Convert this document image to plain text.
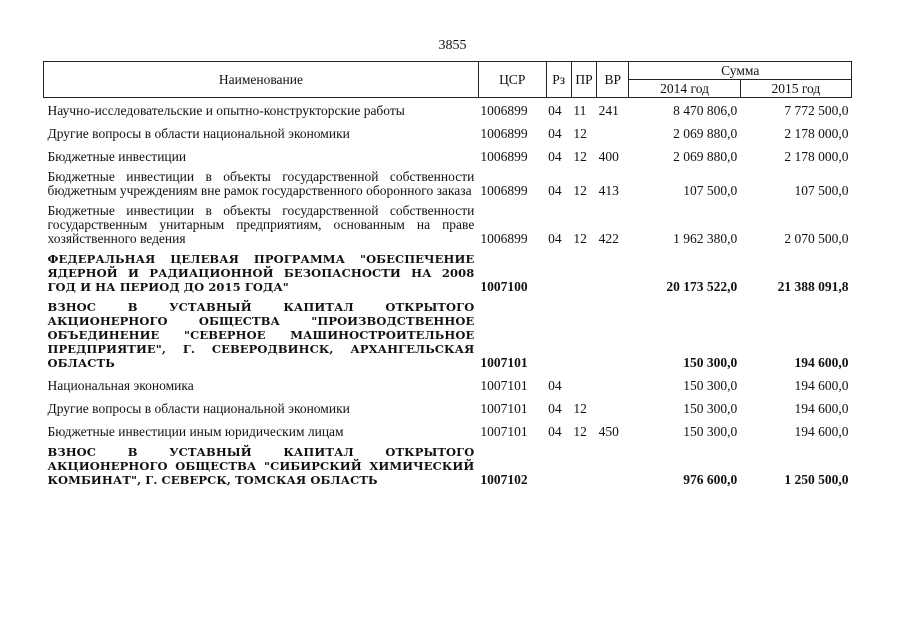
3855
Наименование	ЦСР	Рз	ПР	ВР	Сумма	
					2014 год	2015 год
Научно-исследовательские и опытно-конструкторские работы	1006899	04	11	241	8 470 806,0	7 772 500,0
Другие вопросы в области национальной экономики	1006899	04	12		2 069 880,0	2 178 000,0
Бюджетные инвестиции	1006899	04	12	400	2 069 880,0	2 178 000,0
Бюджетные инвестиции в объекты государственной собственности бюджетным учреждениям вне рамок государственного оборонного заказа	1006899	04	12	413	107 500,0	107 500,0
Бюджетные инвестиции в объекты государственной собственности государственным унитарным предприятиям, основанным на праве хозяйственного ведения	1006899	04	12	422	1 962 380,0	2 070 500,0
ФЕДЕРАЛЬНАЯ ЦЕЛЕВАЯ ПРОГРАММА "ОБЕСПЕЧЕНИЕ ЯДЕРНОЙ И РАДИАЦИОННОЙ БЕЗОПАСНОСТИ НА 2008 ГОД И НА ПЕРИОД ДО 2015 ГОДА"	1007100				20 173 522,0	21 388 091,8
ВЗНОС В УСТАВНЫЙ КАПИТАЛ ОТКРЫТОГО АКЦИОНЕРНОГО ОБЩЕСТВА "ПРОИЗВОДСТВЕННОЕ ОБЪЕДИНЕНИЕ "СЕВЕРНОЕ МАШИНОСТРОИТЕЛЬНОЕ ПРЕДПРИЯТИЕ", Г. СЕВЕРОДВИНСК, АРХАНГЕЛЬСКАЯ ОБЛАСТЬ	1007101				150 300,0	194 600,0
Национальная экономика	1007101	04			150 300,0	194 600,0
Другие вопросы в области национальной экономики	1007101	04	12		150 300,0	194 600,0
Бюджетные инвестиции иным юридическим лицам	1007101	04	12	450	150 300,0	194 600,0
ВЗНОС В УСТАВНЫЙ КАПИТАЛ ОТКРЫТОГО АКЦИОНЕРНОГО ОБЩЕСТВА "СИБИРСКИЙ ХИМИЧЕСКИЙ КОМБИНАТ", Г. СЕВЕРСК, ТОМСКАЯ ОБЛАСТЬ	1007102				976 600,0	1 250 500,0
